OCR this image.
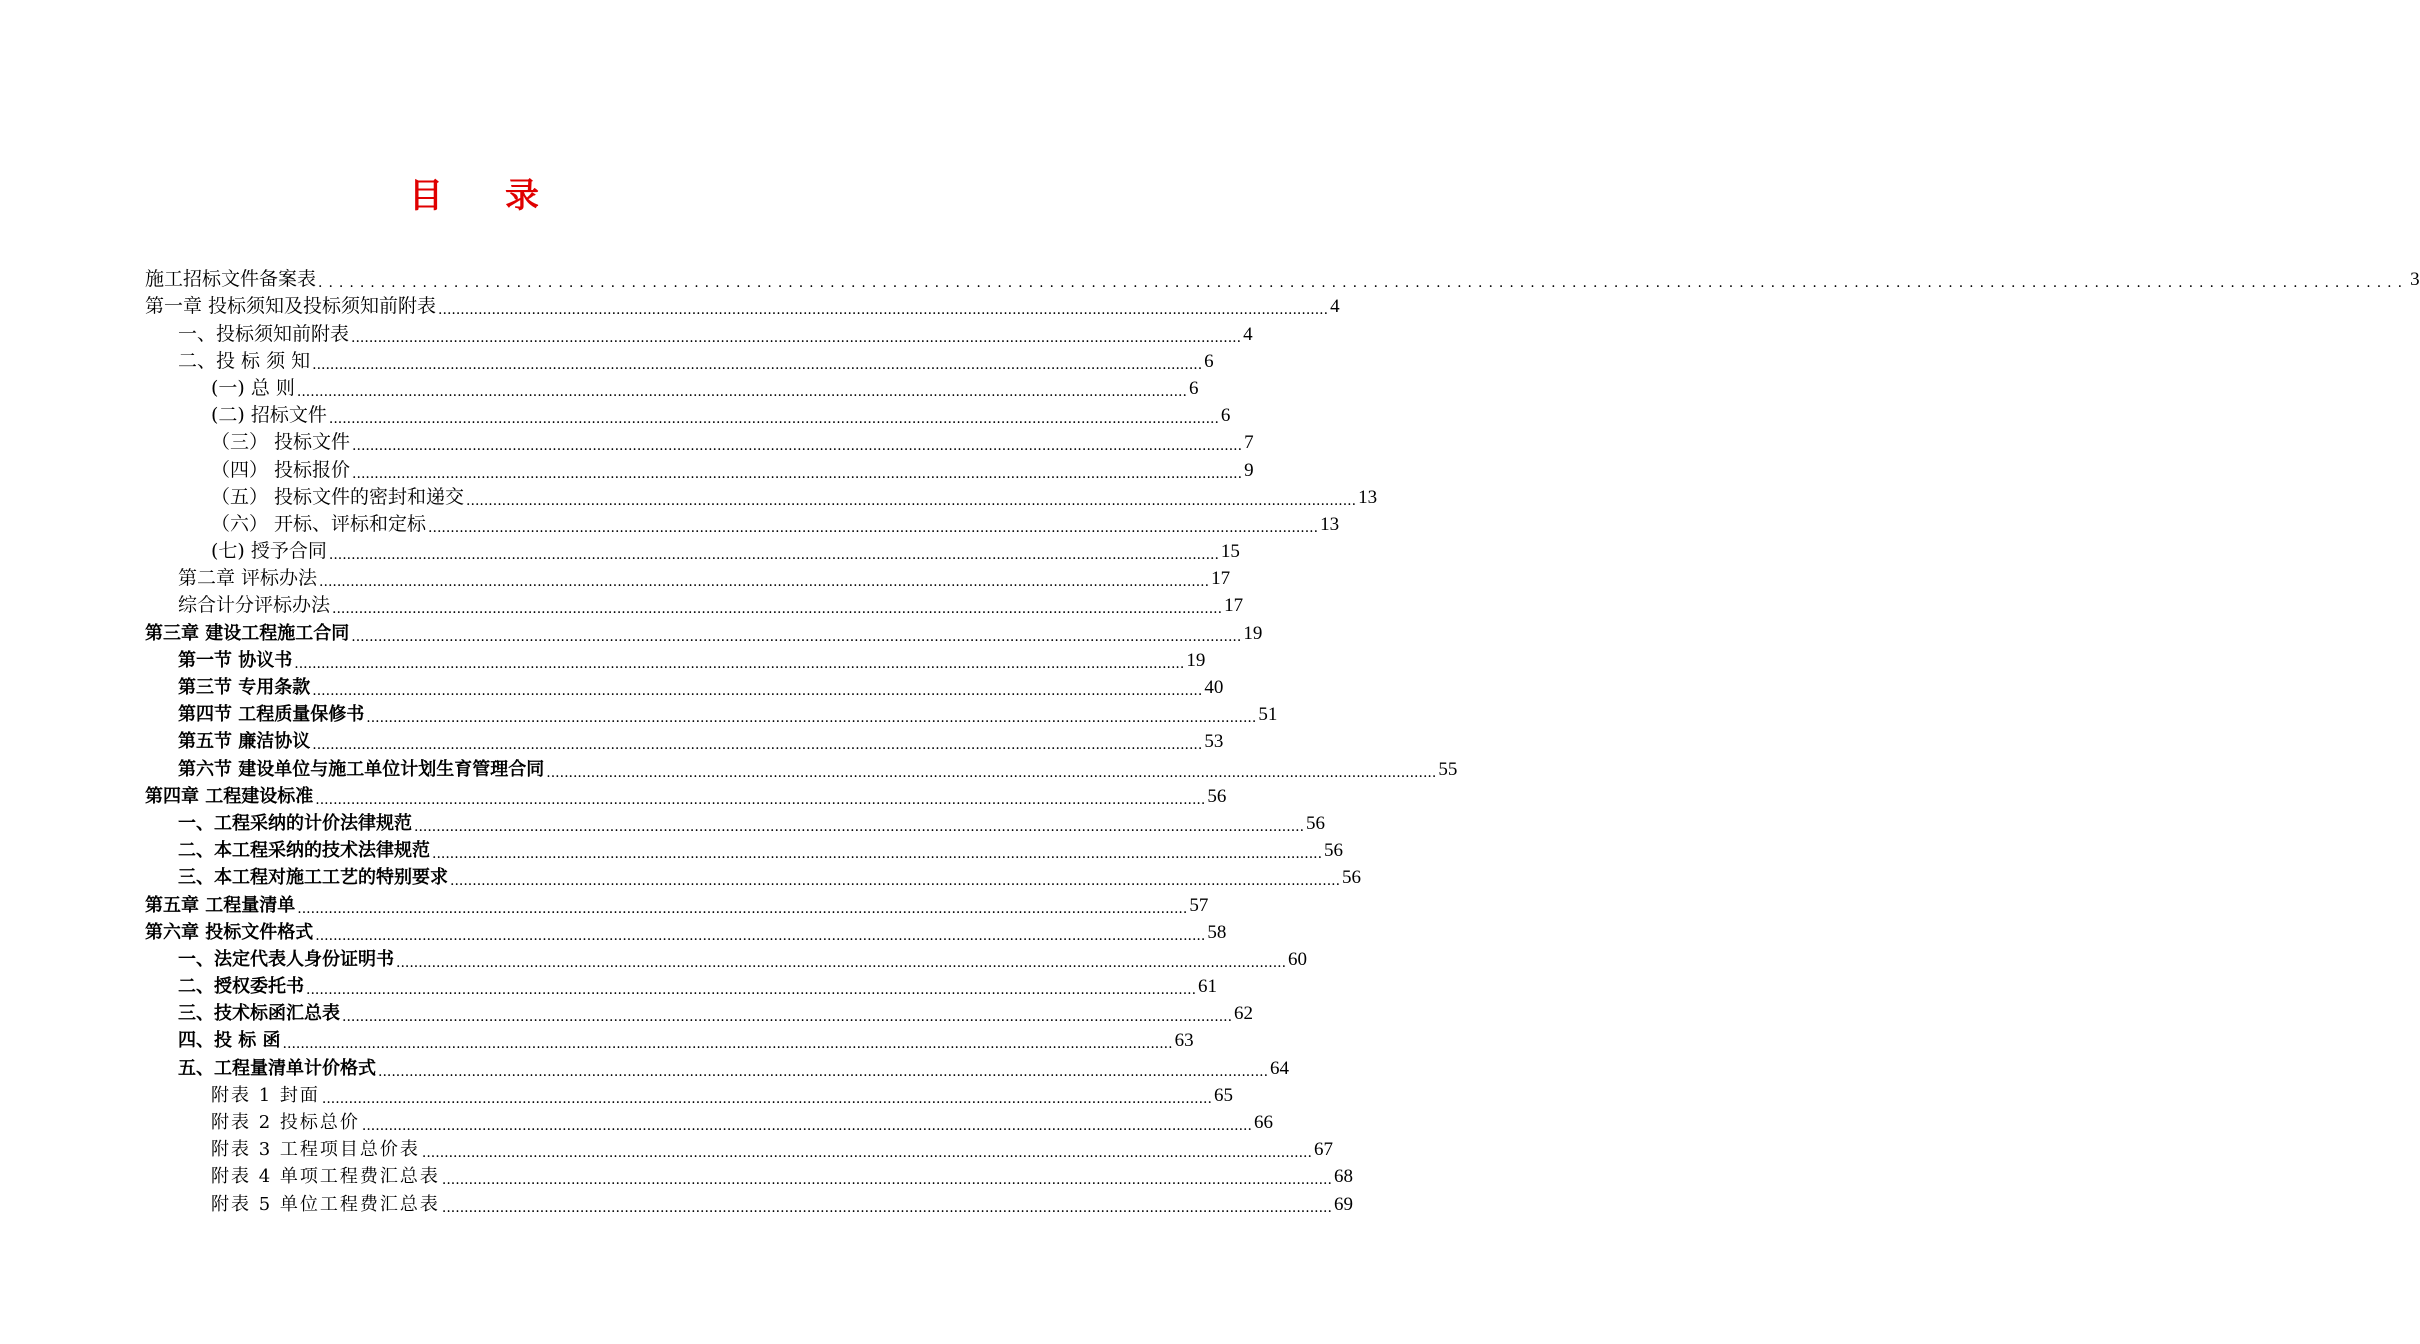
目 录
施工招标文件备案表 ........................................................................................................................................................................................................ 3
第一章 投标须知及投标须知前附表 ........................................................................................................................................................................................................ 4
一、投标须知前附表 ........................................................................................................................................................................................................ 4
二、投 标 须 知 ........................................................................................................................................................................................................ 6
(一) 总 则 ........................................................................................................................................................................................................ 6
(二) 招标文件 ........................................................................................................................................................................................................ 6
（三） 投标文件 ........................................................................................................................................................................................................ 7
（四） 投标报价 ........................................................................................................................................................................................................ 9
（五） 投标文件的密封和递交 ........................................................................................................................................................................................................ 13
（六） 开标、评标和定标 ........................................................................................................................................................................................................ 13
(七) 授予合同 ........................................................................................................................................................................................................ 15
第二章 评标办法 ........................................................................................................................................................................................................ 17
综合计分评标办法 ........................................................................................................................................................................................................ 17
第三章 建设工程施工合同 ........................................................................................................................................................................................................ 19
第一节 协议书 ........................................................................................................................................................................................................ 19
第三节 专用条款 ........................................................................................................................................................................................................ 40
第四节 工程质量保修书 ........................................................................................................................................................................................................ 51
第五节 廉洁协议 ........................................................................................................................................................................................................ 53
第六节 建设单位与施工单位计划生育管理合同 ........................................................................................................................................................................................................ 55
第四章 工程建设标准 ........................................................................................................................................................................................................ 56
一、工程采纳的计价法律规范 ........................................................................................................................................................................................................ 56
二、本工程采纳的技术法律规范 ........................................................................................................................................................................................................ 56
三、本工程对施工工艺的特别要求 ........................................................................................................................................................................................................ 56
第五章 工程量清单 ........................................................................................................................................................................................................ 57
第六章 投标文件格式 ........................................................................................................................................................................................................ 58
一、法定代表人身份证明书 ........................................................................................................................................................................................................ 60
二、授权委托书 ........................................................................................................................................................................................................ 61
三、技术标函汇总表 ........................................................................................................................................................................................................ 62
四、投 标 函 ........................................................................................................................................................................................................ 63
五、工程量清单计价格式 ........................................................................................................................................................................................................ 64
附表 1 封面 ........................................................................................................................................................................................................ 65
附表 2 投标总价 ........................................................................................................................................................................................................ 66
附表 3 工程项目总价表 ........................................................................................................................................................................................................ 67
附表 4 单项工程费汇总表 ........................................................................................................................................................................................................ 68
附表 5 单位工程费汇总表 ........................................................................................................................................................................................................ 69
